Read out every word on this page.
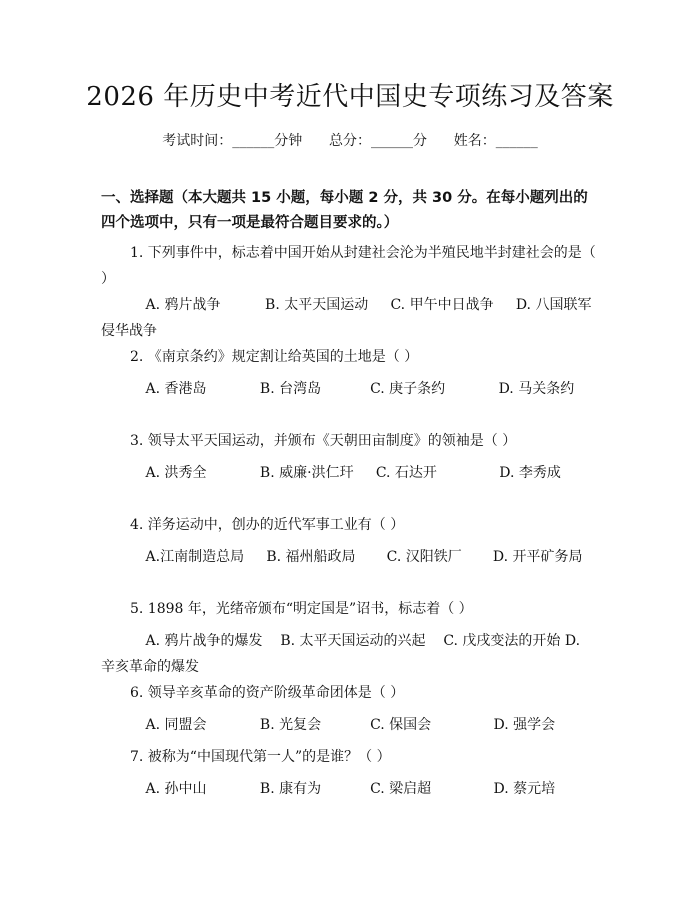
2026 年历史中考近代中国史专项练习及答案
考试时间：______分钟      总分：______分      姓名：______
一、选择题（本大题共 15 小题，每小题 2 分，共 30 分。在每小题列出的四个选项中，只有一项是最符合题目要求的。）
1. 下列事件中，标志着中国开始从封建社会沦为半殖民地半封建社会的是（ ）
A. 鸦片战争          B. 太平天国运动     C. 甲午中日战争     D. 八国联军侵华战争
2. 《南京条约》规定割让给英国的土地是（ ）
A. 香港岛            B. 台湾岛           C. 庚子条约            D. 马关条约
3. 领导太平天国运动，并颁布《天朝田亩制度》的领袖是（ ）
A. 洪秀全            B. 威廉·洪仁玕     C. 石达开              D. 李秀成
4. 洋务运动中，创办的近代军事工业有（ ）
A.江南制造总局     B. 福州船政局       C. 汉阳铁厂       D. 开平矿务局
5. 1898 年，光绪帝颁布“明定国是”诏书，标志着（ ）
A. 鸦片战争的爆发    B. 太平天国运动的兴起    C. 戊戌变法的开始 D. 辛亥革命的爆发
6. 领导辛亥革命的资产阶级革命团体是（ ）
A. 同盟会            B. 光复会           C. 保国会              D. 强学会
7. 被称为“中国现代第一人”的是谁？（ ）
A. 孙中山            B. 康有为           C. 梁启超              D. 蔡元培
